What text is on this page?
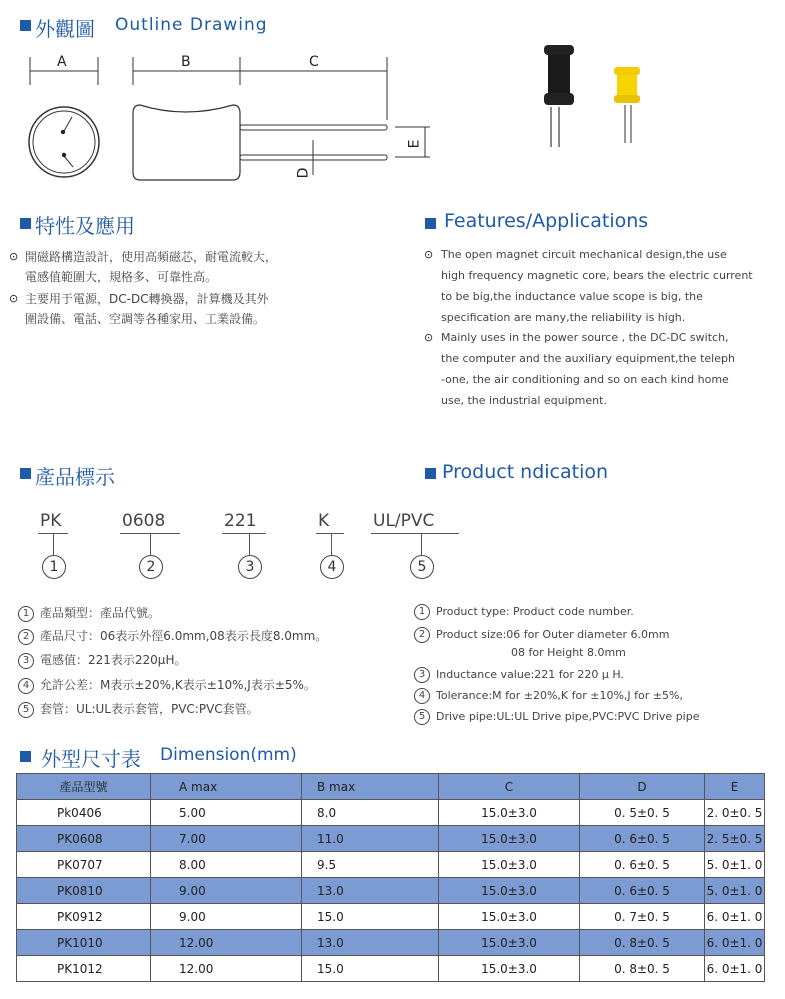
外觀圖 Outline Drawing
A	B	C
D
E
特性及應用	Features/Applications
⊙ 開磁路構造設計，使用高頻磁芯，耐電流較大，
電感值範圍大，規格多、可靠性高。
⊙ 主要用于電源，DC-DC轉換器，計算機及其外
圍設備、電話、空調等各種家用、工業設備。
⊙ The open magnet circuit mechanical design,the use
high frequency magnetic core, bears the electric current
to be big,the inductance value scope is big, the
specification are many,the reliability is high.
⊙ Mainly uses in the power source , the DC-DC switch,
the computer and the auxiliary equipment,the teleph
-one, the air conditioning and so on each kind home
use, the industrial equipment.
產品標示	Product ndication
PK	0608	221	K	UL/PVC
1	2	3	4	5
1 產品類型：產品代號。
2 產品尺寸：06表示外徑6.0mm,08表示長度8.0mm。
3 電感值：221表示220μH。
4 允許公差：M表示±20%,K表示±10%,J表示±5%。
5 套管：UL:UL表示套管，PVC:PVC套管。
1 Product type: Product code number.
2 Product size:06 for Outer diameter 6.0mm
08 for Height 8.0mm
3 Inductance value:221 for 220 μ H.
4 Tolerance:M for ±20%,K for ±10%,J for ±5%,
5 Drive pipe:UL:UL Drive pipe,PVC:PVC Drive pipe
外型尺寸表 Dimension(mm)
產品型號	A max	B max	C	D	E
Pk0406	5.00	8.0	15.0±3.0	0. 5±0. 5	2. 0±0. 5
PK0608	7.00	11.0	15.0±3.0	0. 6±0. 5	2. 5±0. 5
PK0707	8.00	9.5	15.0±3.0	0. 6±0. 5	5. 0±1. 0
PK0810	9.00	13.0	15.0±3.0	0. 6±0. 5	5. 0±1. 0
PK0912	9.00	15.0	15.0±3.0	0. 7±0. 5	6. 0±1. 0
PK1010	12.00	13.0	15.0±3.0	0. 8±0. 5	6. 0±1. 0
PK1012	12.00	15.0	15.0±3.0	0. 8±0. 5	6. 0±1. 0
